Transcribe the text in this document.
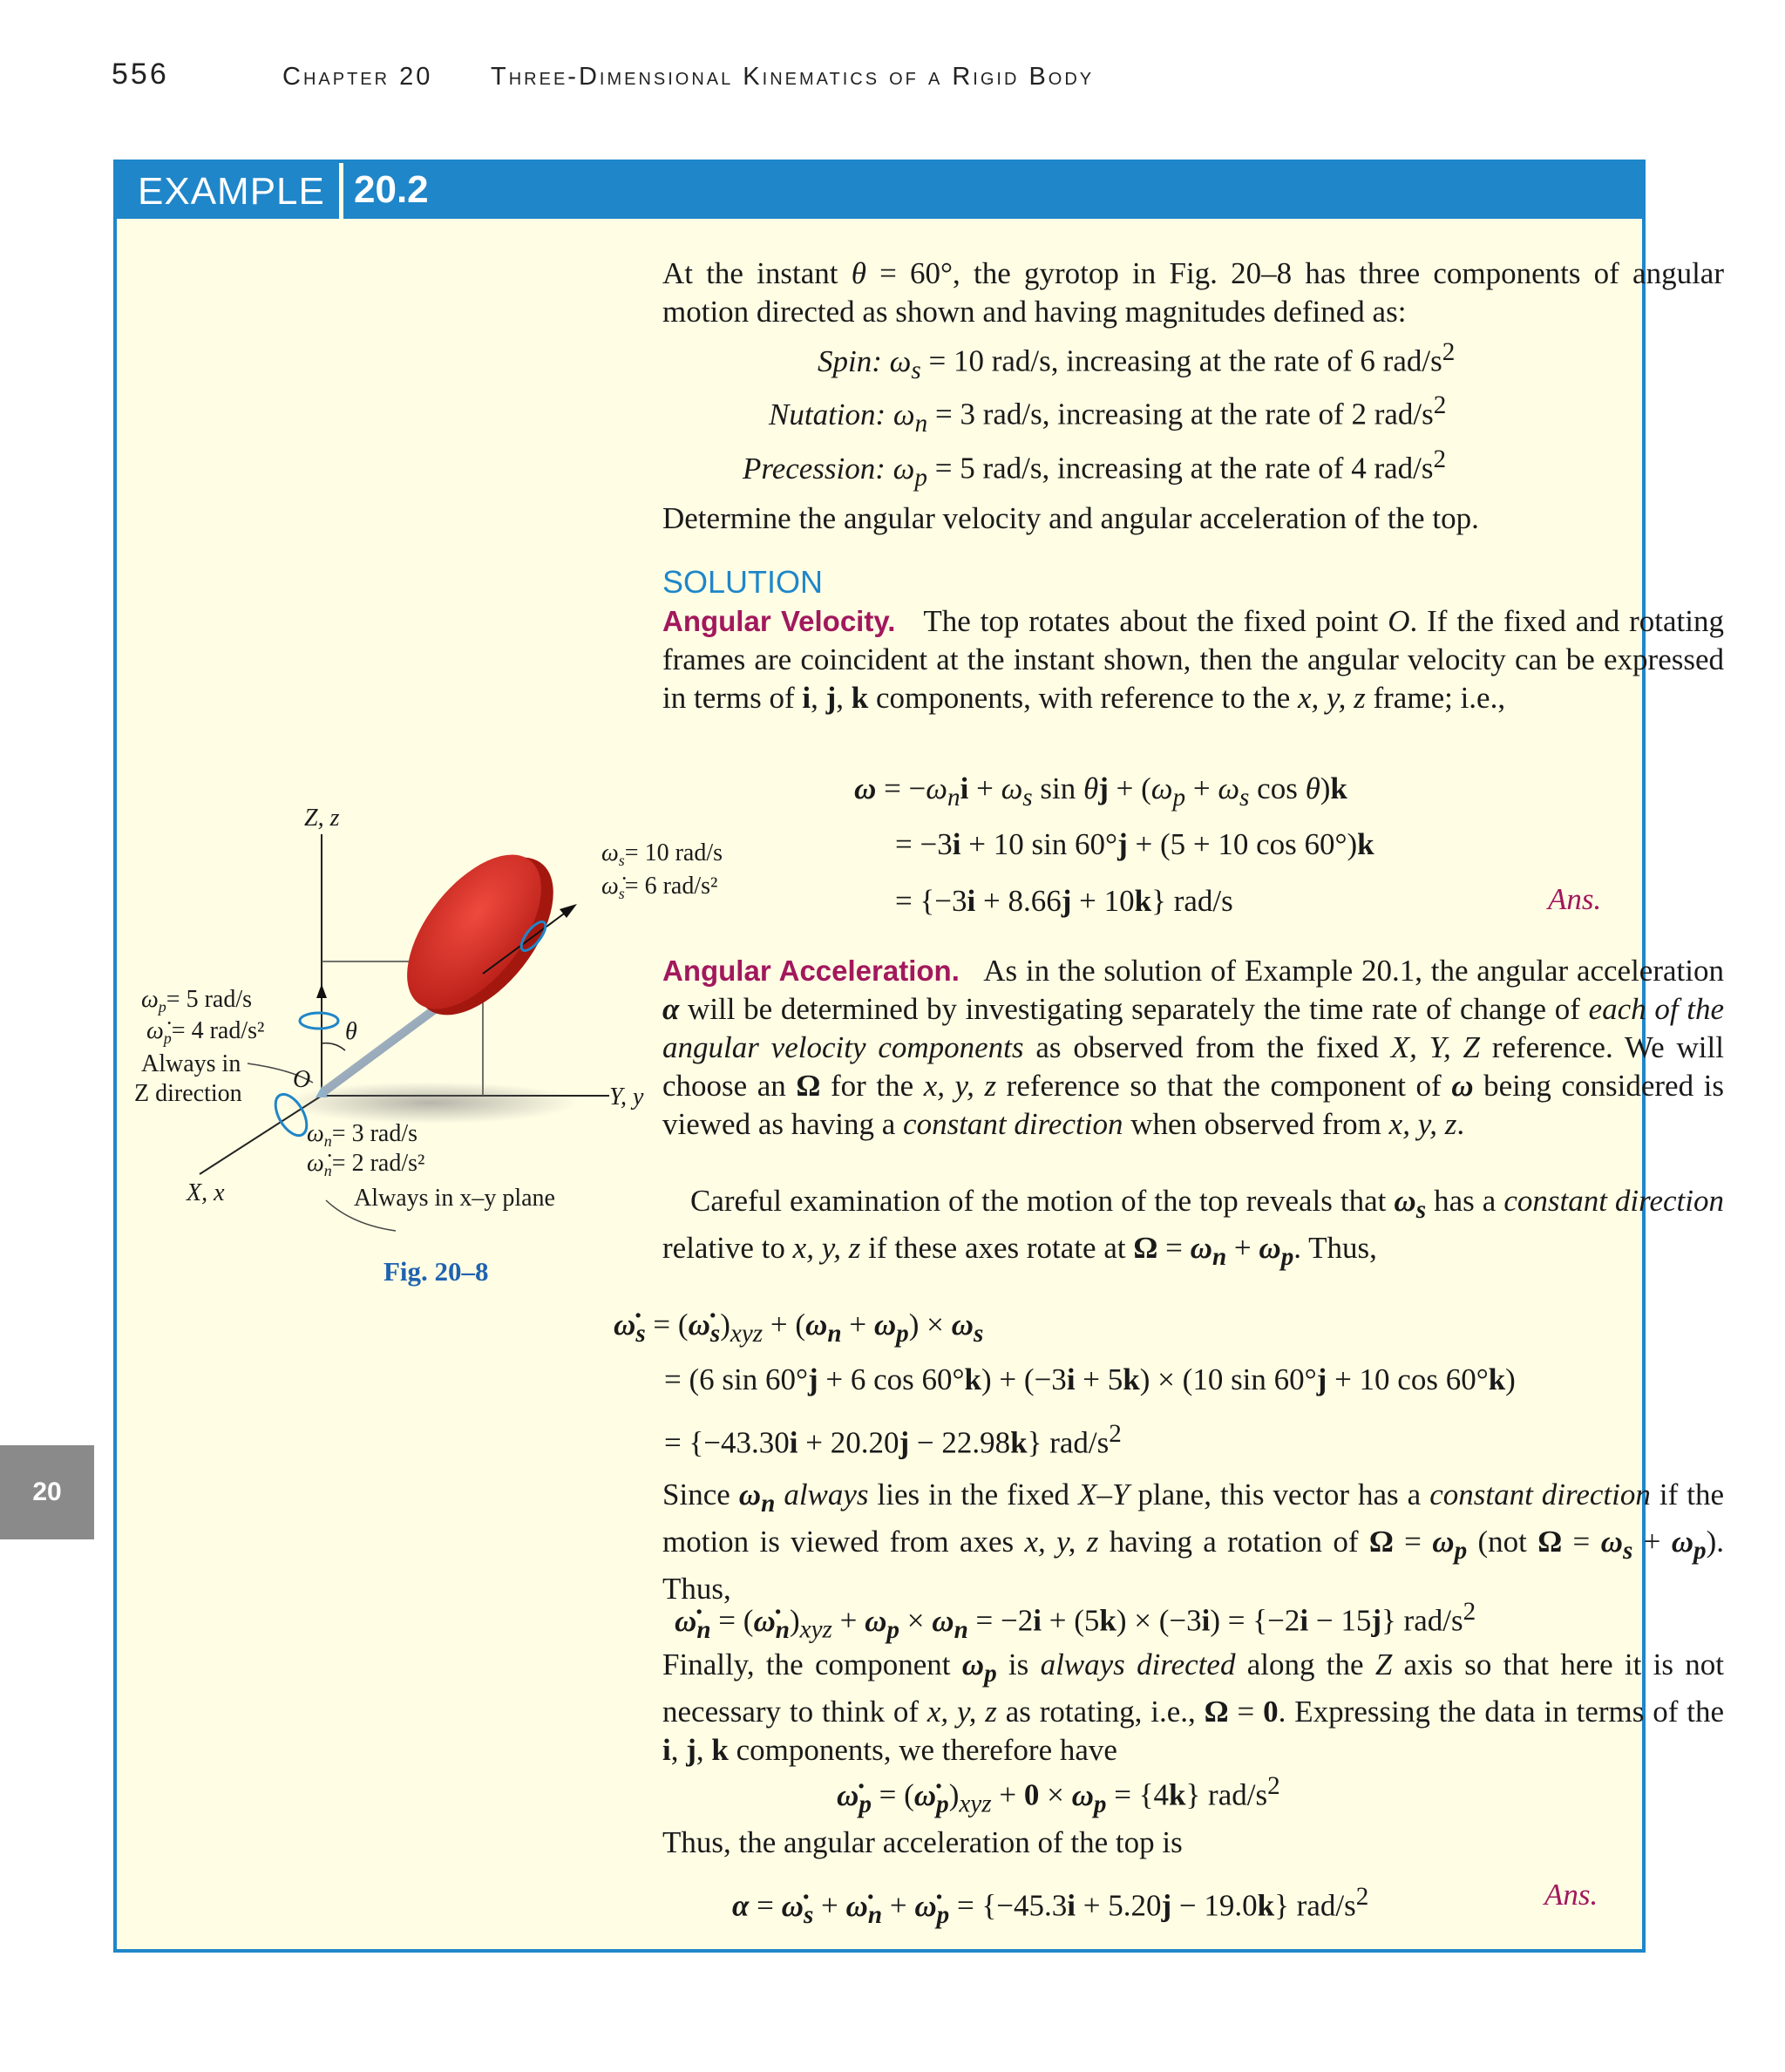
556	Chapter 20 Three-Dimensional Kinematics of a Rigid Body
20
EXAMPLE 20.2
Z, z
Y, y
X, x
O
θ
$\omega_s= 10$ rad/s
$\omegȧ_s= 6$ rad/s²
$\omega_p= 5$ rad/s
$\omegȧ_p= 4$ rad/s²
Always in
Z direction
$\omega_n= 3$ rad/s
$\omegȧ_n= 2$ rad/s²
Always in x–y plane
Fig. 20–8
At the instant θ = 60°, the gyrotop in Fig. 20–8 has three components of angular motion directed as shown and having magnitudes defined as:
Spin: $\omega_s = 10$ rad/s, increasing at the rate of 6 rad/$s^2$
Nutation: $\omega_n = 3$ rad/s, increasing at the rate of 2 rad/$s^2$
Precession: $\omega_p = 5$ rad/s, increasing at the rate of 4 rad/$s^2$
Determine the angular velocity and angular acceleration of the top.
SOLUTION
Angular Velocity.   The top rotates about the fixed point O. If the fixed and rotating frames are coincident at the instant shown, then the angular velocity can be expressed in terms of i, j, k components, with reference to the x, y, z frame; i.e.,
$\omega = -\omega_ni + \omega_s$ $\sin \theta j + (\omega_p + \omega_s$ cos θ)k
= −3i + 10 sin 60°j + (5 + 10 cos 60°)k
= {−3i + 8.66j + 10k} rad/s	Ans.
Angular Acceleration.   As in the solution of Example 20.1, the angular acceleration α will be determined by investigating separately the time rate of change of each of the angular velocity components as observed from the fixed X, Y, Z reference. We will choose an Ω for the x, y, z reference so that the component of ω being considered is viewed as having a constant direction when observed from x, y, z.
Careful examination of the motion of the top reveals that $\omega_s$ has a constant direction relative to x, y, z if these axes rotate at $\Omega = \omega_n + \omega_p$. Thus,
$\omegȧ_s$ = $(\omegȧ_s)_{xyz} + (\omega_n + \omega_p) \times \omega_s$
= (6 sin 60°j + 6 cos 60°k) + (−3i + 5k) × (10 sin 60°j + 10 cos 60°k)
= {−43.30i + 20.20j − 22.98k} rad/$s^2$
Since $\omega_n$ always lies in the fixed X–Y plane, this vector has a constant direction if the motion is viewed from axes x, y, z having a rotation of $\Omega = \omega_p$ (not $\Omega = \omega_s + \omega_p$). Thus,
$\omegȧ_n$ = $(\omegȧ_n)_{xyz} + \omega_p \times \omega_n = -2i + (5k) \times (-3i) = \{-2i - 15j\}$ rad/$s^2$
Finally, the component $\omega_p$ is always directed along the Z axis so that here it is not necessary to think of x, y, z as rotating, i.e., Ω = 0. Expressing the data in terms of the i, j, k components, we therefore have
$\omegȧ_p$ = $(\omegȧ_p)_{xyz} + 0 \times \omega_p = \{4k\}$ rad/$s^2$
Thus, the angular acceleration of the top is
$\alpha = \omegȧ_s$ + $\omegȧ_n$ + $\omegȧ_p = \{-45.3i + 5.20j - 19.0k\}$ rad/$s^2$	Ans.
